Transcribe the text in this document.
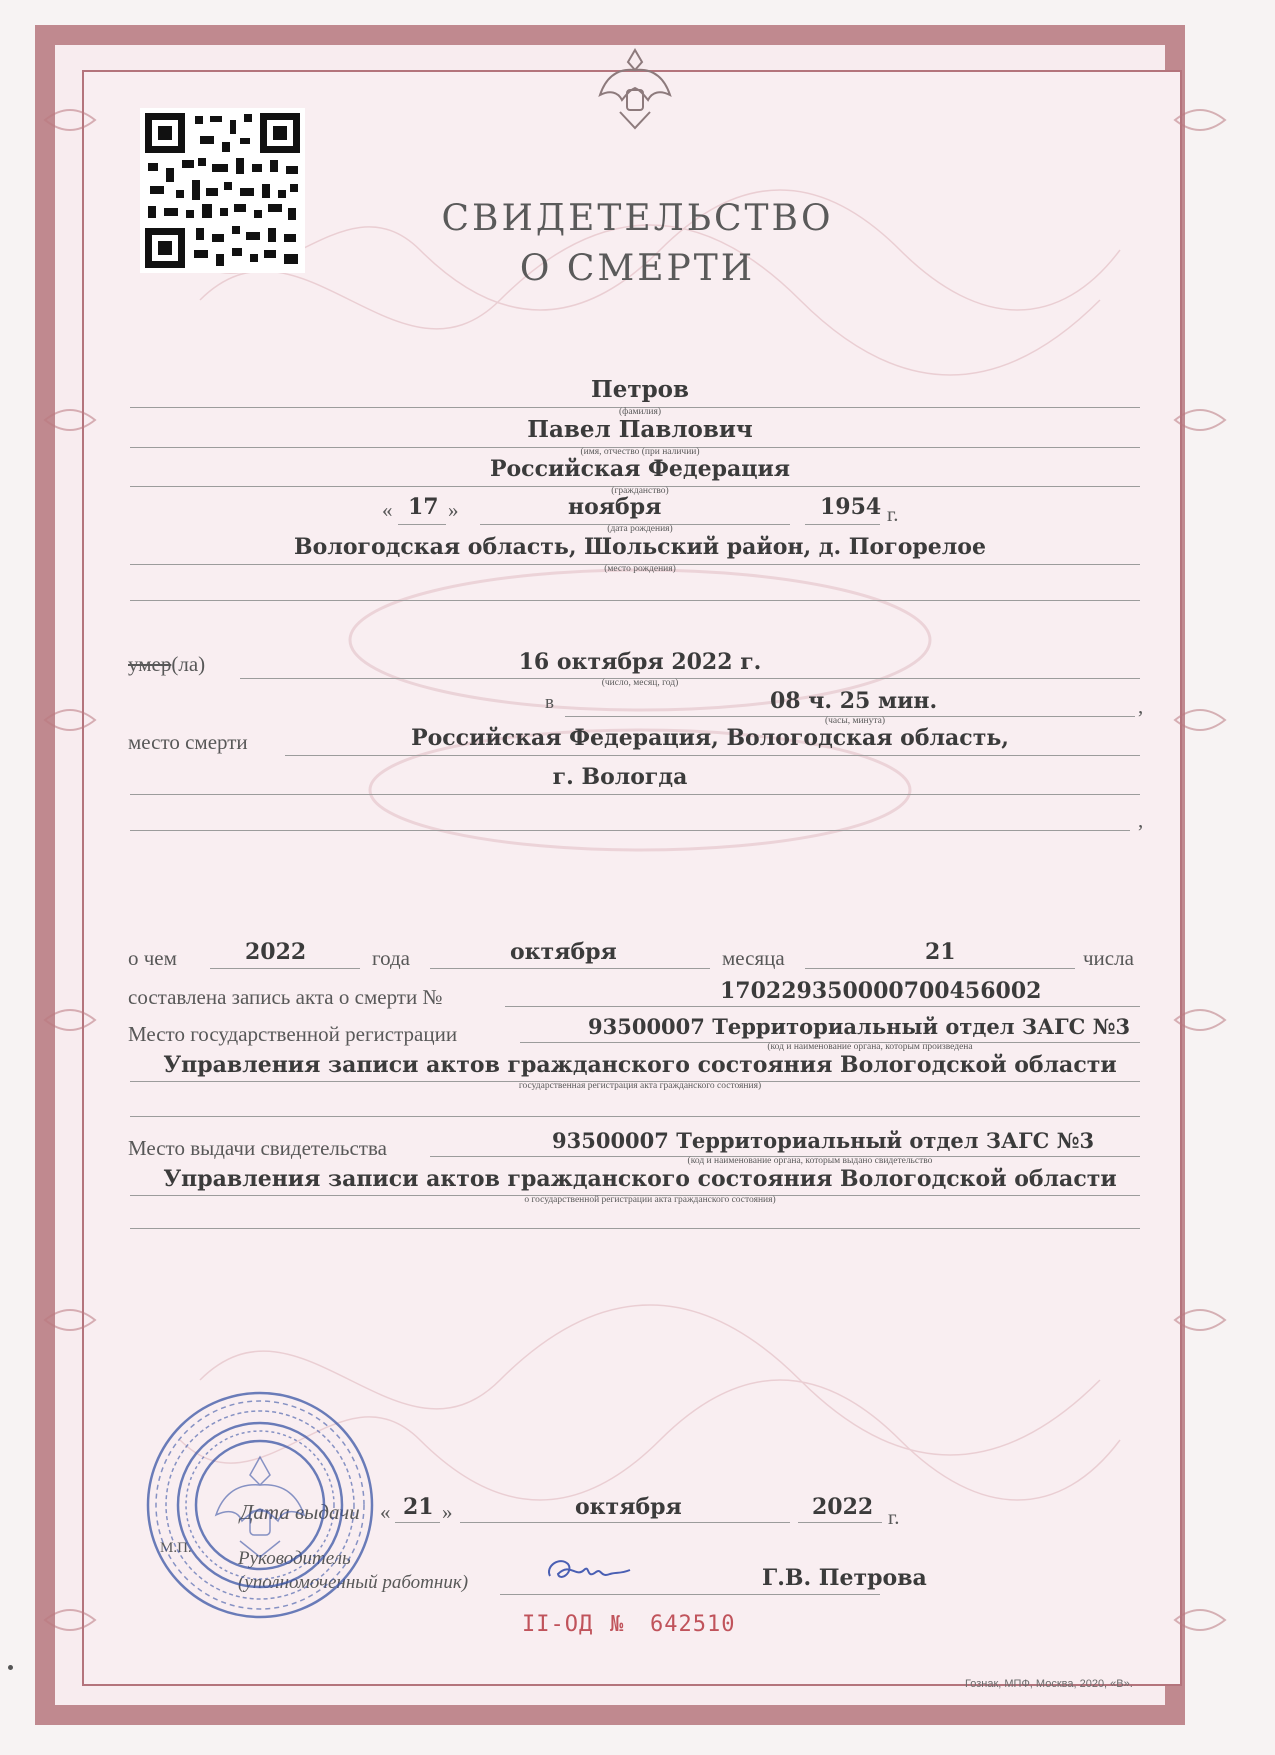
СВИДЕТЕЛЬСТВО
О СМЕРТИ
Петров
(фамилия)
Павел Павлович
(имя, отчество (при наличии)
Российская Федерация
(гражданство)
« 17 »	ноября	1954 г.
(дата рождения)
Вологодская область, Шольский район, д. Погорелое
(место рождения)
умер(ла)	16 октября 2022 г.
(число, месяц, год)
в	08 ч. 25 мин.	,
(часы, минута)
место смерти	Российская Федерация, Вологодская область,
г. Вологда
,
о чем	2022	года	октября	месяца	21	числа
составлена запись акта о смерти №	170229350000700456002
Место государственной регистрации	93500007 Территориальный отдел ЗАГС №3
(код и наименование органа, которым произведена
Управления записи актов гражданского состояния Вологодской области
государственная регистрация акта гражданского состояния)
Место выдачи свидетельства	93500007 Территориальный отдел ЗАГС №3
(код и наименование органа, которым выдано свидетельство
Управления записи актов гражданского состояния Вологодской области
о государственной регистрации акта гражданского состояния)
Дата выдачи « 21 »	октября	2022 г.
М.П. Руководитель
(уполномоченный работник)	Г.В. Петрова
II-ОД № 642510
Гознак, МПФ, Москва, 2020, «В».
